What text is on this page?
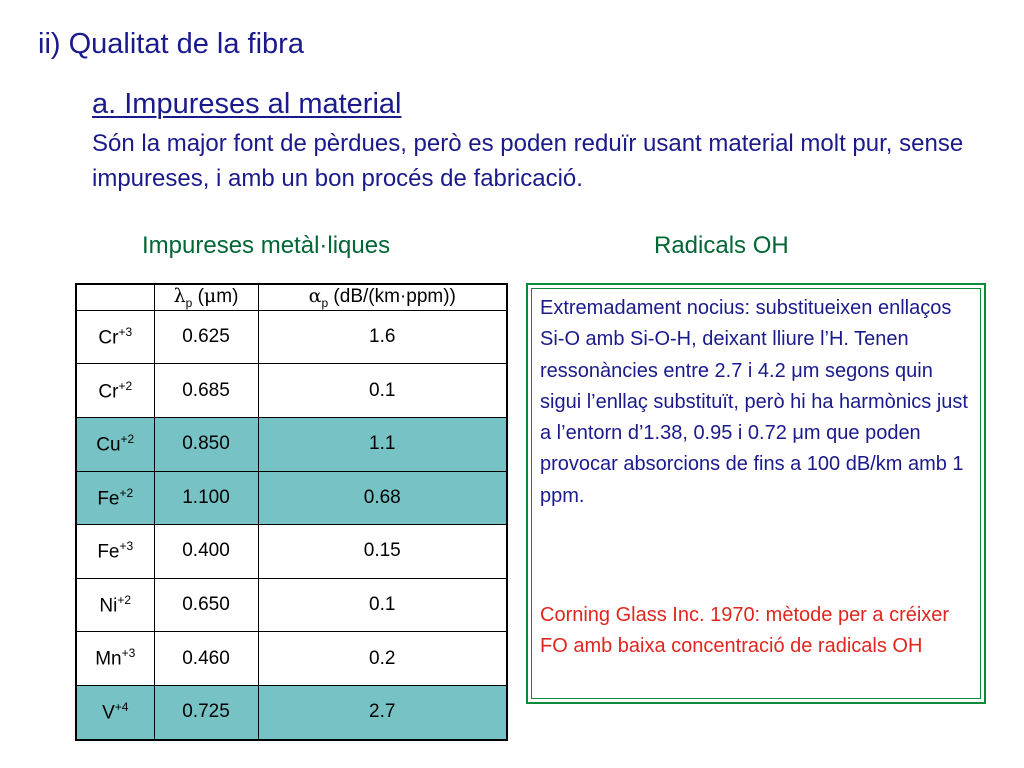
ii) Qualitat de la fibra
a. Impureses al material

Són la major font de pèrdues, però es poden reduïr usant material molt pur, sense impureses, i amb un bon procés de fabricació.

Impureses metàl·liques	Radicals OH
	$\lambda_p$ (μm)	$\alpha_p$ (dB/(km·ppm))
$Cr^{+3}$	0.625	1.6
$Cr^{+2}$	0.685	0.1
$Cu^{+2}$	0.850	1.1
$Fe^{+2}$	1.100	0.68
$Fe^{+3}$	0.400	0.15
$Ni^{+2}$	0.650	0.1
$Mn^{+3}$	0.460	0.2
$V^{+4}$	0.725	2.7

Extremadament nocius: substitueixen enllaços Si-O amb Si-O-H, deixant lliure l’H. Tenen ressonàncies entre 2.7 i 4.2 μm segons quin sigui l’enllaç substituït, però hi ha harmònics just a l’entorn d’1.38, 0.95 i 0.72 μm que poden provocar absorcions de fins a 100 dB/km amb 1 ppm.

Corning Glass Inc. 1970: mètode per a créixer FO amb baixa concentració de radicals OH
